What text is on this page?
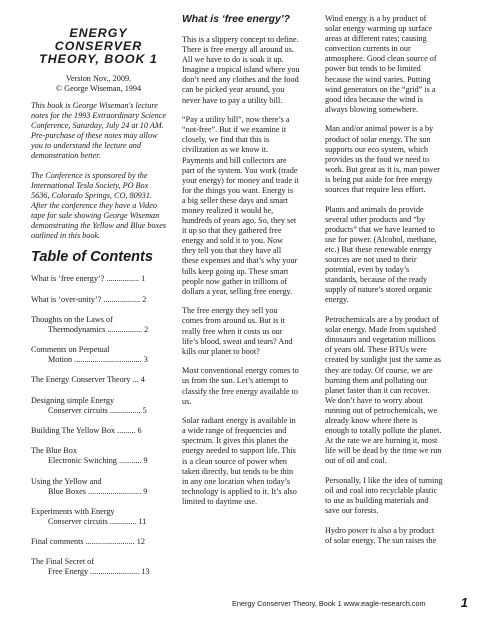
ENERGY
CONSERVER
THEORY, BOOK 1
Version Nov., 2009.
© George Wiseman, 1994

This book is George Wiseman's lecture notes for the 1993 Extraordinary Science Conference, Saturday, July 24 at 10 AM. Pre-purchase of these notes may allow you to understand the lecture and demonstration better.

The Conference is sponsored by the International Tesla Society, PO Box 5636, Colorado Springs, CO, 80931. After the conference they have a Video tape for sale showing George Wiseman demonstrating the Yellow and Blue boxes outlined in this book.

Table of Contents
What is ‘free energy’? ................ 1
What is ‘over-unity’? .................. 2
Thoughts on the Laws of
Thermodynamics ................. 2
Comments on Perpetual
Motion ................................. 3
The Energy Conserver Theory ... 4
Designing simple Energy
Conserver circuits ............... 5
Building The Yellow Box ......... 6
The Blue Box
Electronic Switching ........... 9
Using the Yellow and
Blue Boxes .......................... 9
Experiments with Energy
Conserver circuits ............. 11
Final comments ........................ 12
The Final Secret of
Free Energy ........................ 13
What is ‘free energy’?

This is a slippery concept to define.
There is free energy all around us.
All we have to do is soak it up.
Imagine a tropical island where you
don’t need any clothes and the food
can be picked year around, you
never have to pay a utility bill.

“Pay a utility bill”, now there’s a
“not-free”. But if we examine it
closely, we find that this is
civilization as we know it.
Payments and bill collectors are
part of the system. You work (trade
your energy) for money and trade it
for the things you want. Energy is
a big seller these days and smart
money realized it would be,
hundreds of years ago. So, they set
it up so that they gathered free
energy and sold it to you. Now
they tell you that they have all
these expenses and that’s why your
bills keep going up. These smart
people now gather in trillions of
dollars a year, selling free energy.

The free energy they sell you
comes from around us. But is it
really free when it costs us our
life’s blood, sweat and tears? And
kills our planet to boot?

Most conventional energy comes to
us from the sun. Let’s attempt to
classify the free energy available to
us.

Solar radiant energy is available in
a wide range of frequencies and
spectrum. It gives this planet the
energy needed to support life. This
is a clean source of power when
taken directly, but tends to be thin
in any one location when today’s
technology is applied to it. It’s also
limited to daytime use.

Wind energy is a by product of
solar energy warming up surface
areas at different rates; causing
convection currents in our
atmosphere. Good clean source of
power but tends to be limited
because the wind varies. Putting
wind generators on the “grid” is a
good idea because the wind is
always blowing somewhere.

Man and/or animal power is a by
product of solar energy. The sun
supports our eco system, which
provides us the food we need to
work. But great as it is, man power
is being put aside for free energy
sources that require less effort.

Plants and animals do provide
several other products and “by
products” that we have learned to
use for power. (Alcohol, methane,
etc.) But these renewable energy
sources are not used to their
potential, even by today’s
standards, because of the ready
supply of nature’s stored organic
energy.

Petrochemicals are a by product of
solar energy. Made from squished
dinosaurs and vegetation millions
of years old. These BTUs were
created by sunlight just the same as
they are today. Of course, we are
burning them and polluting our
planet faster than it can recover.
We don’t have to worry about
running out of petrochemicals, we
already know where there is
enough to totally pollute the planet.
At the rate we are burning it, most
life will be dead by the time we run
out of oil and coal.

Personally, I like the idea of turning
oil and coal into recyclable plastic
to use as building materials and
save our forests.

Hydro power is also a by product
of solar energy. The sun raises the

Energy Conserver Theory, Book 1 www.eagle-research.com	1
